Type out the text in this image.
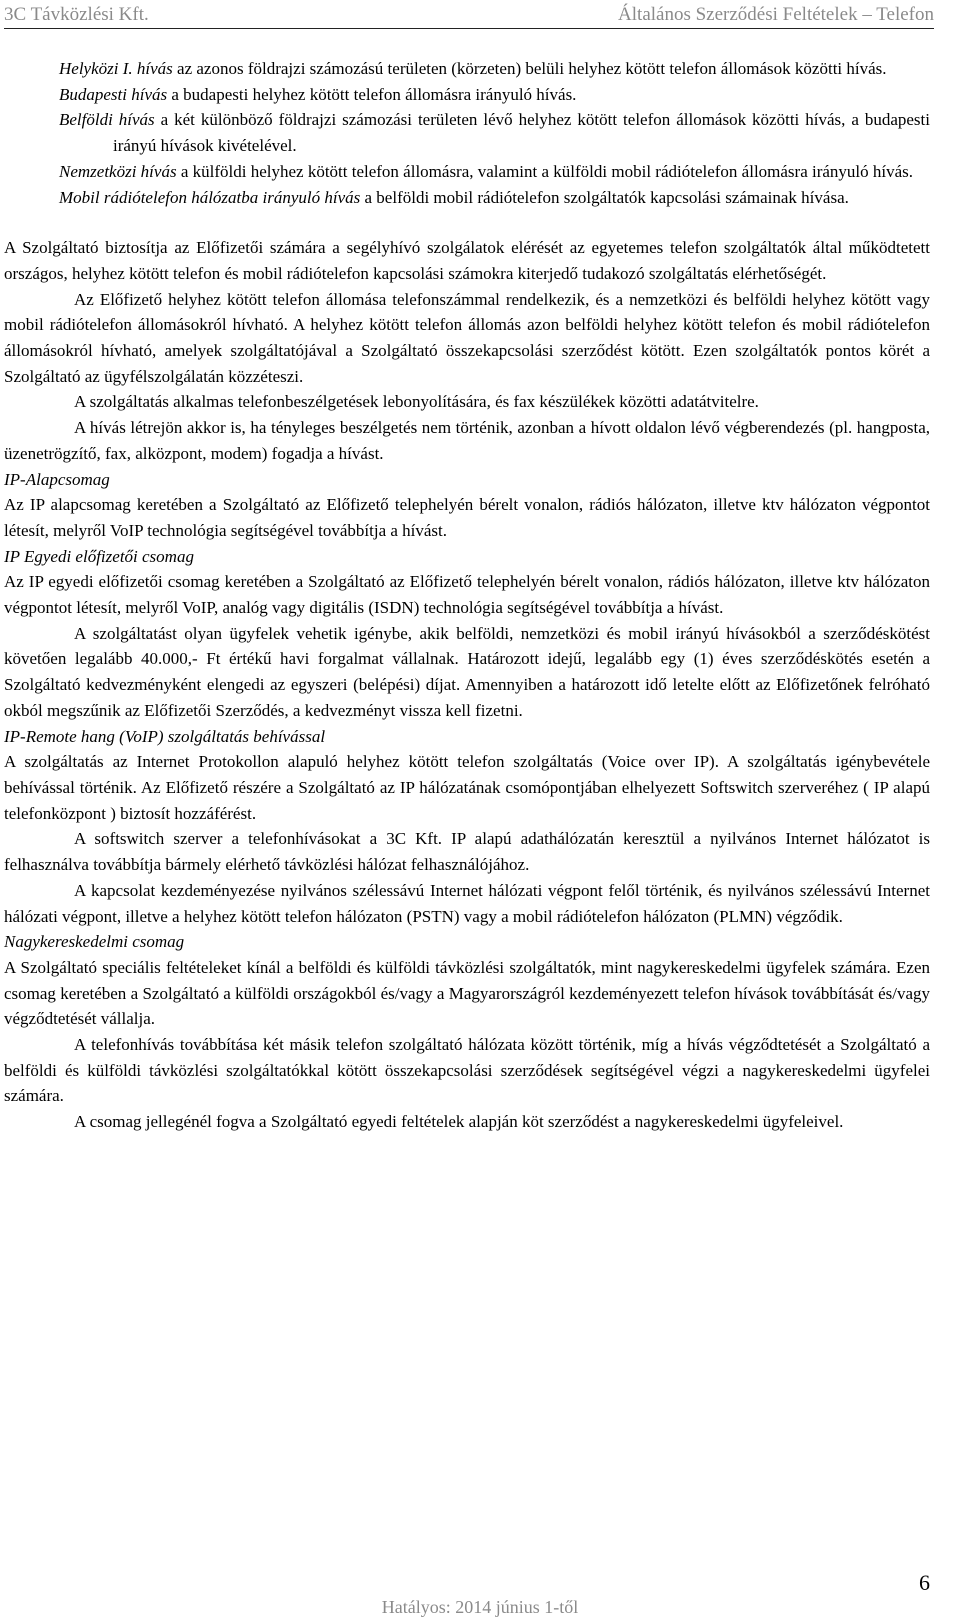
3C Távközlési Kft.	Általános Szerződési Feltételek – Telefon

Helyközi I. hívás az azonos földrajzi számozású területen (körzeten) belüli helyhez kötött telefon állomások közötti hívás.

Budapesti hívás a budapesti helyhez kötött telefon állomásra irányuló hívás.

Belföldi hívás a két különböző földrajzi számozási területen lévő helyhez kötött telefon állomások közötti hívás, a budapesti irányú hívások kivételével.

Nemzetközi hívás a külföldi helyhez kötött telefon állomásra, valamint a külföldi mobil rádiótelefon állomásra irányuló hívás.

Mobil rádiótelefon hálózatba irányuló hívás a belföldi mobil rádiótelefon szolgáltatók kapcsolási számainak hívása.

A Szolgáltató biztosítja az Előfizetői számára a segélyhívó szolgálatok elérését az egyetemes telefon szolgáltatók által működtetett országos, helyhez kötött telefon és mobil rádiótelefon kapcsolási számokra kiterjedő tudakozó szolgáltatás elérhetőségét.

Az Előfizető helyhez kötött telefon állomása telefonszámmal rendelkezik, és a nemzetközi és belföldi helyhez kötött vagy mobil rádiótelefon állomásokról hívható. A helyhez kötött telefon állomás azon belföldi helyhez kötött telefon és mobil rádiótelefon állomásokról hívható, amelyek szolgáltatójával a Szolgáltató összekapcsolási szerződést kötött. Ezen szolgáltatók pontos körét a Szolgáltató az ügyfélszolgálatán közzéteszi.

A szolgáltatás alkalmas telefonbeszélgetések lebonyolítására, és fax készülékek közötti adatátvitelre.

A hívás létrejön akkor is, ha tényleges beszélgetés nem történik, azonban a hívott oldalon lévő végberendezés (pl. hangposta, üzenetrögzítő, fax, alközpont, modem) fogadja a hívást.

IP-Alapcsomag

Az IP alapcsomag keretében a Szolgáltató az Előfizető telephelyén bérelt vonalon, rádiós hálózaton, illetve ktv hálózaton végpontot létesít, melyről VoIP technológia segítségével továbbítja a hívást.

IP Egyedi előfizetői csomag

Az IP egyedi előfizetői csomag keretében a Szolgáltató az Előfizető telephelyén bérelt vonalon, rádiós hálózaton, illetve ktv hálózaton végpontot létesít, melyről VoIP, analóg vagy digitális (ISDN) technológia segítségével továbbítja a hívást.

A szolgáltatást olyan ügyfelek vehetik igénybe, akik belföldi, nemzetközi és mobil irányú hívásokból a szerződéskötést követően legalább 40.000,- Ft értékű havi forgalmat vállalnak. Határozott idejű, legalább egy (1) éves szerződéskötés esetén a Szolgáltató kedvezményként elengedi az egyszeri (belépési) díjat. Amennyiben a határozott idő letelte előtt az Előfizetőnek felróható okból megszűnik az Előfizetői Szerződés, a kedvezményt vissza kell fizetni.

IP-Remote hang (VoIP) szolgáltatás behívással

A szolgáltatás az Internet Protokollon alapuló helyhez kötött telefon szolgáltatás (Voice over IP). A szolgáltatás igénybevétele behívással történik. Az Előfizető részére a Szolgáltató az IP hálózatának csomópontjában elhelyezett Softswitch szerveréhez ( IP alapú telefonközpont ) biztosít hozzáférést.

A softswitch szerver a telefonhívásokat a 3C Kft. IP alapú adathálózatán keresztül a nyilvános Internet hálózatot is felhasználva továbbítja bármely elérhető távközlési hálózat felhasználójához.

A kapcsolat kezdeményezése nyilvános szélessávú Internet hálózati végpont felől történik, és nyilvános szélessávú Internet hálózati végpont, illetve a helyhez kötött telefon hálózaton (PSTN) vagy a mobil rádiótelefon hálózaton (PLMN) végződik.

Nagykereskedelmi csomag

A Szolgáltató speciális feltételeket kínál a belföldi és külföldi távközlési szolgáltatók, mint nagykereskedelmi ügyfelek számára. Ezen csomag keretében a Szolgáltató a külföldi országokból és/vagy a Magyarországról kezdeményezett telefon hívások továbbítását és/vagy végződtetését vállalja.

A telefonhívás továbbítása két másik telefon szolgáltató hálózata között történik, míg a hívás végződtetését a Szolgáltató a belföldi és külföldi távközlési szolgáltatókkal kötött összekapcsolási szerződések segítségével végzi a nagykereskedelmi ügyfelei számára.

A csomag jellegénél fogva a Szolgáltató egyedi feltételek alapján köt szerződést a nagykereskedelmi ügyfeleivel.

6
Hatályos: 2014 június 1-től
